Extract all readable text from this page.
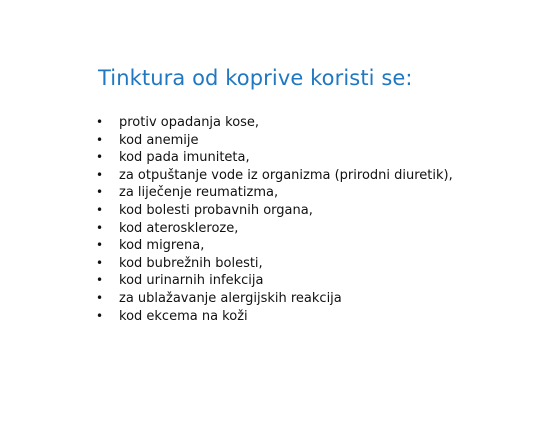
Tinktura od koprive koristi se:
• protiv opadanja kose,
• kod anemije
• kod pada imuniteta,
• za otpuštanje vode iz organizma (prirodni diuretik),
• za liječenje reumatizma,
• kod bolesti probavnih organa,
• kod ateroskleroze,
• kod migrena,
• kod bubrežnih bolesti,
• kod urinarnih infekcija
• za ublažavanje alergijskih reakcija
• kod ekcema na koži
